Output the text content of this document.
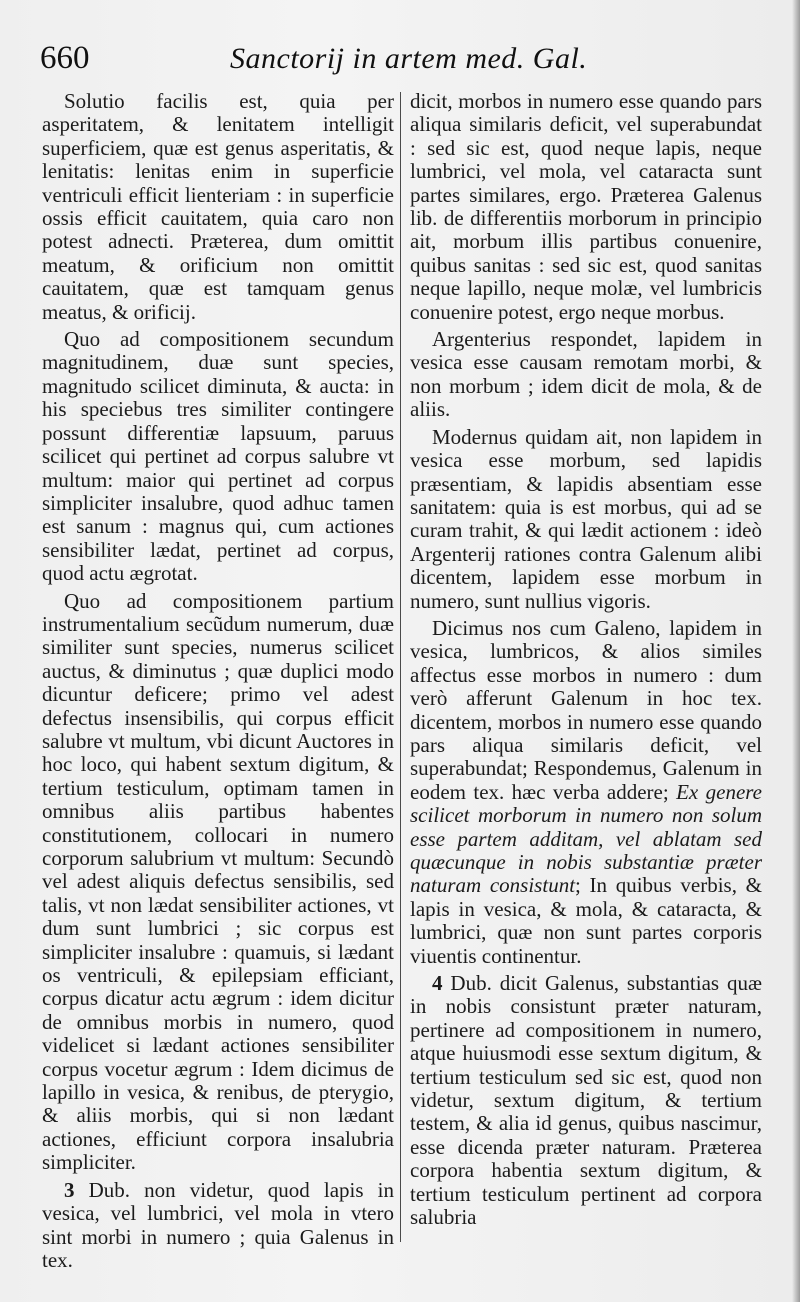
660	Sanctorij in artem med. Gal.

Solutio facilis est, quia per asperitatem, & lenitatem intelligit superficiem, quæ est genus asperitatis, & lenitatis: lenitas enim in superficie ventriculi efficit lienteriam : in superficie ossis efficit cauitatem, quia caro non potest adnecti. Præterea, dum omittit meatum, & orificium non omittit cauitatem, quæ est tamquam genus meatus, & orificij.

Quo ad compositionem secundum magnitudinem, duæ sunt species, magnitudo scilicet diminuta, & aucta: in his speciebus tres similiter contingere possunt differentiæ lapsuum, paruus scilicet qui pertinet ad corpus salubre vt multum: maior qui pertinet ad corpus simpliciter insalubre, quod adhuc tamen est sanum : magnus qui, cum actiones sensibiliter lædat, pertinet ad corpus, quod actu ægrotat.

Quo ad compositionem partium instrumentalium secũdum numerum, duæ similiter sunt species, numerus scilicet auctus, & diminutus ; quæ duplici modo dicuntur deficere; primo vel adest defectus insensibilis, qui corpus efficit salubre vt multum, vbi dicunt Auctores in hoc loco, qui habent sextum digitum, & tertium testiculum, optimam tamen in omnibus aliis partibus habentes constitutionem, collocari in numero corporum salubrium vt multum: Secundò vel adest aliquis defectus sensibilis, sed talis, vt non lædat sensibiliter actiones, vt dum sunt lumbrici ; sic corpus est simpliciter insalubre : quamuis, si lædant os ventriculi, & epilepsiam efficiant, corpus dicatur actu ægrum : idem dicitur de omnibus morbis in numero, quod videlicet si lædant actiones sensibiliter corpus vocetur ægrum : Idem dicimus de lapillo in vesica, & renibus, de pterygio, & aliis morbis, qui si non lædant actiones, efficiunt corpora insalubria simpliciter.

3 Dub. non videtur, quod lapis in vesica, vel lumbrici, vel mola in vtero sint morbi in numero ; quia Galenus in tex.

dicit, morbos in numero esse quando pars aliqua similaris deficit, vel superabundat : sed sic est, quod neque lapis, neque lumbrici, vel mola, vel cataracta sunt partes similares, ergo. Præterea Galenus lib. de differentiis morborum in principio ait, morbum illis partibus conuenire, quibus sanitas : sed sic est, quod sanitas neque lapillo, neque molæ, vel lumbricis conuenire potest, ergo neque morbus.

Argenterius respondet, lapidem in vesica esse causam remotam morbi, & non morbum ; idem dicit de mola, & de aliis.

Modernus quidam ait, non lapidem in vesica esse morbum, sed lapidis præsentiam, & lapidis absentiam esse sanitatem: quia is est morbus, qui ad se curam trahit, & qui lædit actionem : ideò Argenterij rationes contra Galenum alibi dicentem, lapidem esse morbum in numero, sunt nullius vigoris.

Dicimus nos cum Galeno, lapidem in vesica, lumbricos, & alios similes affectus esse morbos in numero : dum verò afferunt Galenum in hoc tex. dicentem, morbos in numero esse quando pars aliqua similaris deficit, vel superabundat; Respondemus, Galenum in eodem tex. hæc verba addere; Ex genere scilicet morborum in numero non solum esse partem additam, vel ablatam sed quæcunque in nobis substantiæ præter naturam consistunt; In quibus verbis, & lapis in vesica, & mola, & cataracta, & lumbrici, quæ non sunt partes corporis viuentis continentur.

4 Dub. dicit Galenus, substantias quæ in nobis consistunt præter naturam, pertinere ad compositionem in numero, atque huiusmodi esse sextum digitum, & tertium testiculum sed sic est, quod non videtur, sextum digitum, & tertium testem, & alia id genus, quibus nascimur, esse dicenda præter naturam. Præterea corpora habentia sextum digitum, & tertium testiculum pertinent ad corpora salubria
